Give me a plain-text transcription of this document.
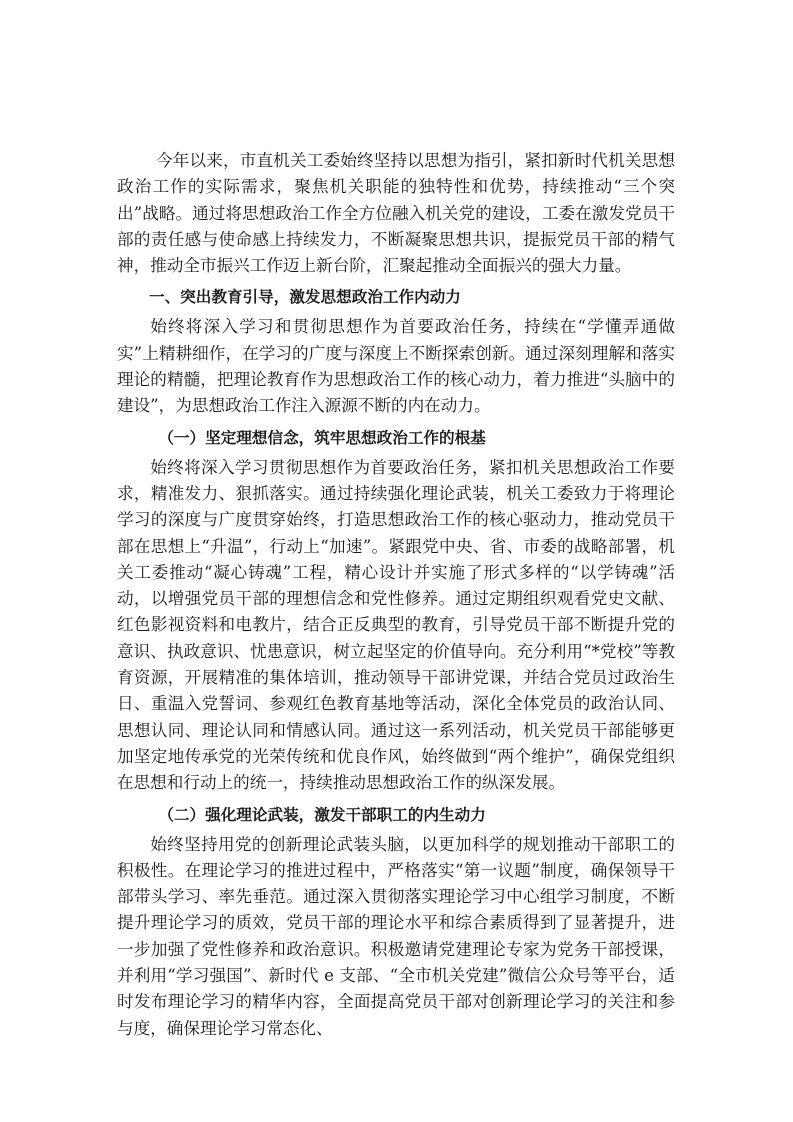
今年以来，市直机关工委始终坚持以思想为指引，紧扣新时代机关思想政治工作的实际需求，聚焦机关职能的独特性和优势，持续推动“三个突出”战略。通过将思想政治工作全方位融入机关党的建设，工委在激发党员干部的责任感与使命感上持续发力，不断凝聚思想共识，提振党员干部的精气神，推动全市振兴工作迈上新台阶，汇聚起推动全面振兴的强大力量。

一、突出教育引导，激发思想政治工作内动力

始终将深入学习和贯彻思想作为首要政治任务，持续在“学懂弄通做实”上精耕细作，在学习的广度与深度上不断探索创新。通过深刻理解和落实理论的精髓，把理论教育作为思想政治工作的核心动力，着力推进“头脑中的建设”，为思想政治工作注入源源不断的内在动力。

（一）坚定理想信念，筑牢思想政治工作的根基

始终将深入学习贯彻思想作为首要政治任务，紧扣机关思想政治工作要求，精准发力、狠抓落实。通过持续强化理论武装，机关工委致力于将理论学习的深度与广度贯穿始终，打造思想政治工作的核心驱动力，推动党员干部在思想上“升温”，行动上“加速”。紧跟党中央、省、市委的战略部署，机关工委推动“凝心铸魂”工程，精心设计并实施了形式多样的“以学铸魂”活动，以增强党员干部的理想信念和党性修养。通过定期组织观看党史文献、红色影视资料和电教片，结合正反典型的教育，引导党员干部不断提升党的意识、执政意识、忧患意识，树立起坚定的价值导向。充分利用“*党校”等教育资源，开展精准的集体培训，推动领导干部讲党课，并结合党员过政治生日、重温入党誓词、参观红色教育基地等活动，深化全体党员的政治认同、思想认同、理论认同和情感认同。通过这一系列活动，机关党员干部能够更加坚定地传承党的光荣传统和优良作风，始终做到“两个维护”，确保党组织在思想和行动上的统一，持续推动思想政治工作的纵深发展。

（二）强化理论武装，激发干部职工的内生动力

始终坚持用党的创新理论武装头脑，以更加科学的规划推动干部职工的积极性。在理论学习的推进过程中，严格落实“第一议题”制度，确保领导干部带头学习、率先垂范。通过深入贯彻落实理论学习中心组学习制度，不断提升理论学习的质效，党员干部的理论水平和综合素质得到了显著提升，进一步加强了党性修养和政治意识。积极邀请党建理论专家为党务干部授课，并利用“学习强国”、新时代 e 支部、“全市机关党建”微信公众号等平台，适时发布理论学习的精华内容，全面提高党员干部对创新理论学习的关注和参与度，确保理论学习常态化、
